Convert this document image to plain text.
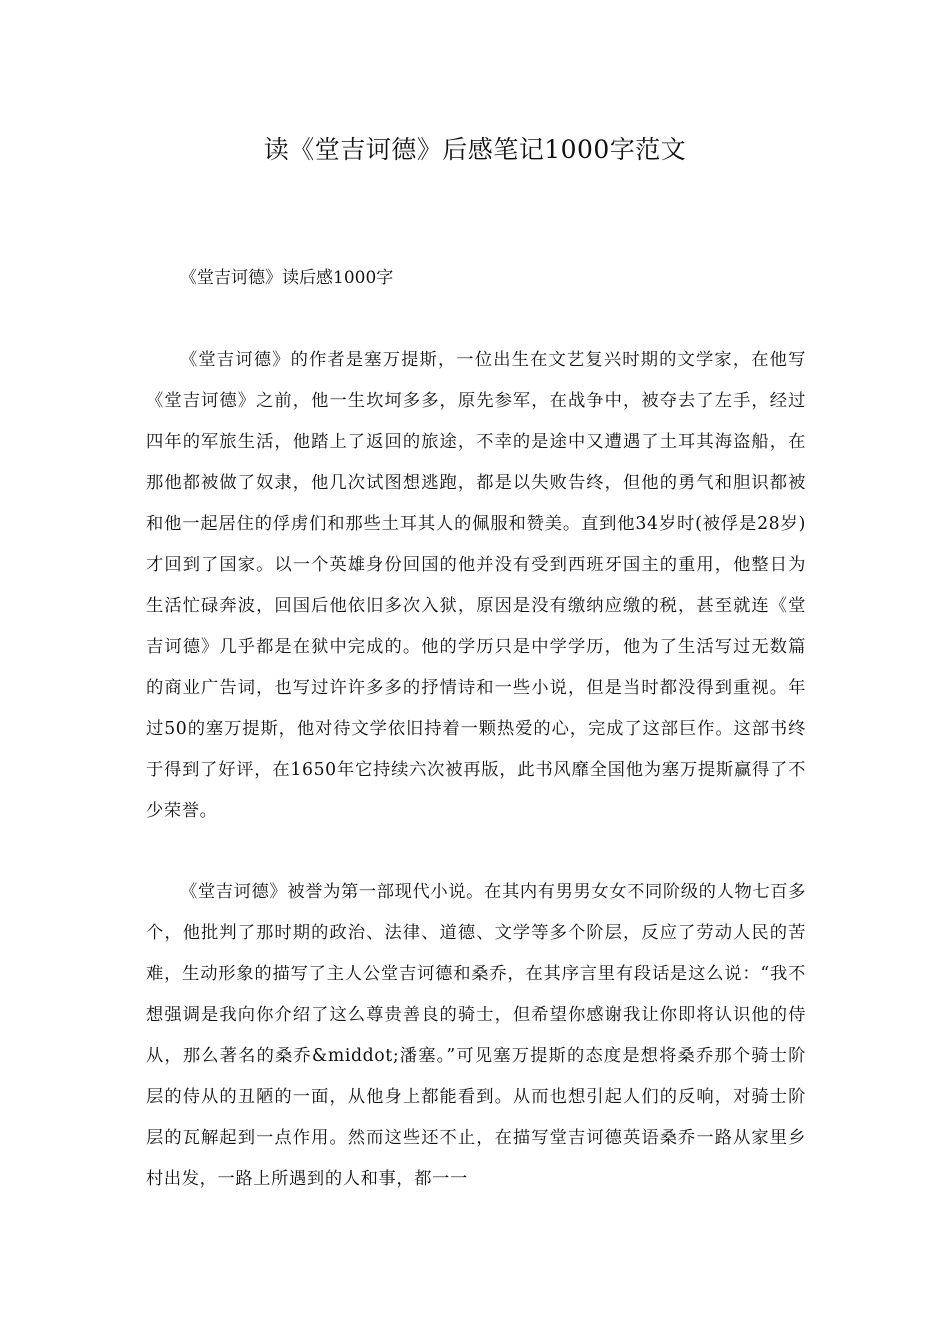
读《堂吉诃德》后感笔记1000字范文
《堂吉诃德》读后感1000字

《堂吉诃德》的作者是塞万提斯，一位出生在文艺复兴时期的文学家，在他写《堂吉诃德》之前，他一生坎坷多多，原先参军，在战争中，被夺去了左手，经过四年的军旅生活，他踏上了返回的旅途，不幸的是途中又遭遇了土耳其海盗船，在那他都被做了奴隶，他几次试图想逃跑，都是以失败告终，但他的勇气和胆识都被和他一起居住的俘虏们和那些土耳其人的佩服和赞美。直到他34岁时(被俘是28岁)才回到了国家。以一个英雄身份回国的他并没有受到西班牙国主的重用，他整日为生活忙碌奔波，回国后他依旧多次入狱，原因是没有缴纳应缴的税，甚至就连《堂吉诃德》几乎都是在狱中完成的。他的学历只是中学学历，他为了生活写过无数篇的商业广告词，也写过许许多多的抒情诗和一些小说，但是当时都没得到重视。年过50的塞万提斯，他对待文学依旧持着一颗热爱的心，完成了这部巨作。这部书终于得到了好评，在1650年它持续六次被再版，此书风靡全国他为塞万提斯赢得了不少荣誉。

《堂吉诃德》被誉为第一部现代小说。在其内有男男女女不同阶级的人物七百多个，他批判了那时期的政治、法律、道德、文学等多个阶层，反应了劳动人民的苦难，生动形象的描写了主人公堂吉诃德和桑乔，在其序言里有段话是这么说：“我不想强调是我向你介绍了这么尊贵善良的骑士，但希望你感谢我让你即将认识他的侍从，那么著名的桑乔&middot;潘塞。”可见塞万提斯的态度是想将桑乔那个骑士阶层的侍从的丑陋的一面，从他身上都能看到。从而也想引起人们的反响，对骑士阶层的瓦解起到一点作用。然而这些还不止，在描写堂吉诃德英语桑乔一路从家里乡村出发，一路上所遇到的人和事，都一一
